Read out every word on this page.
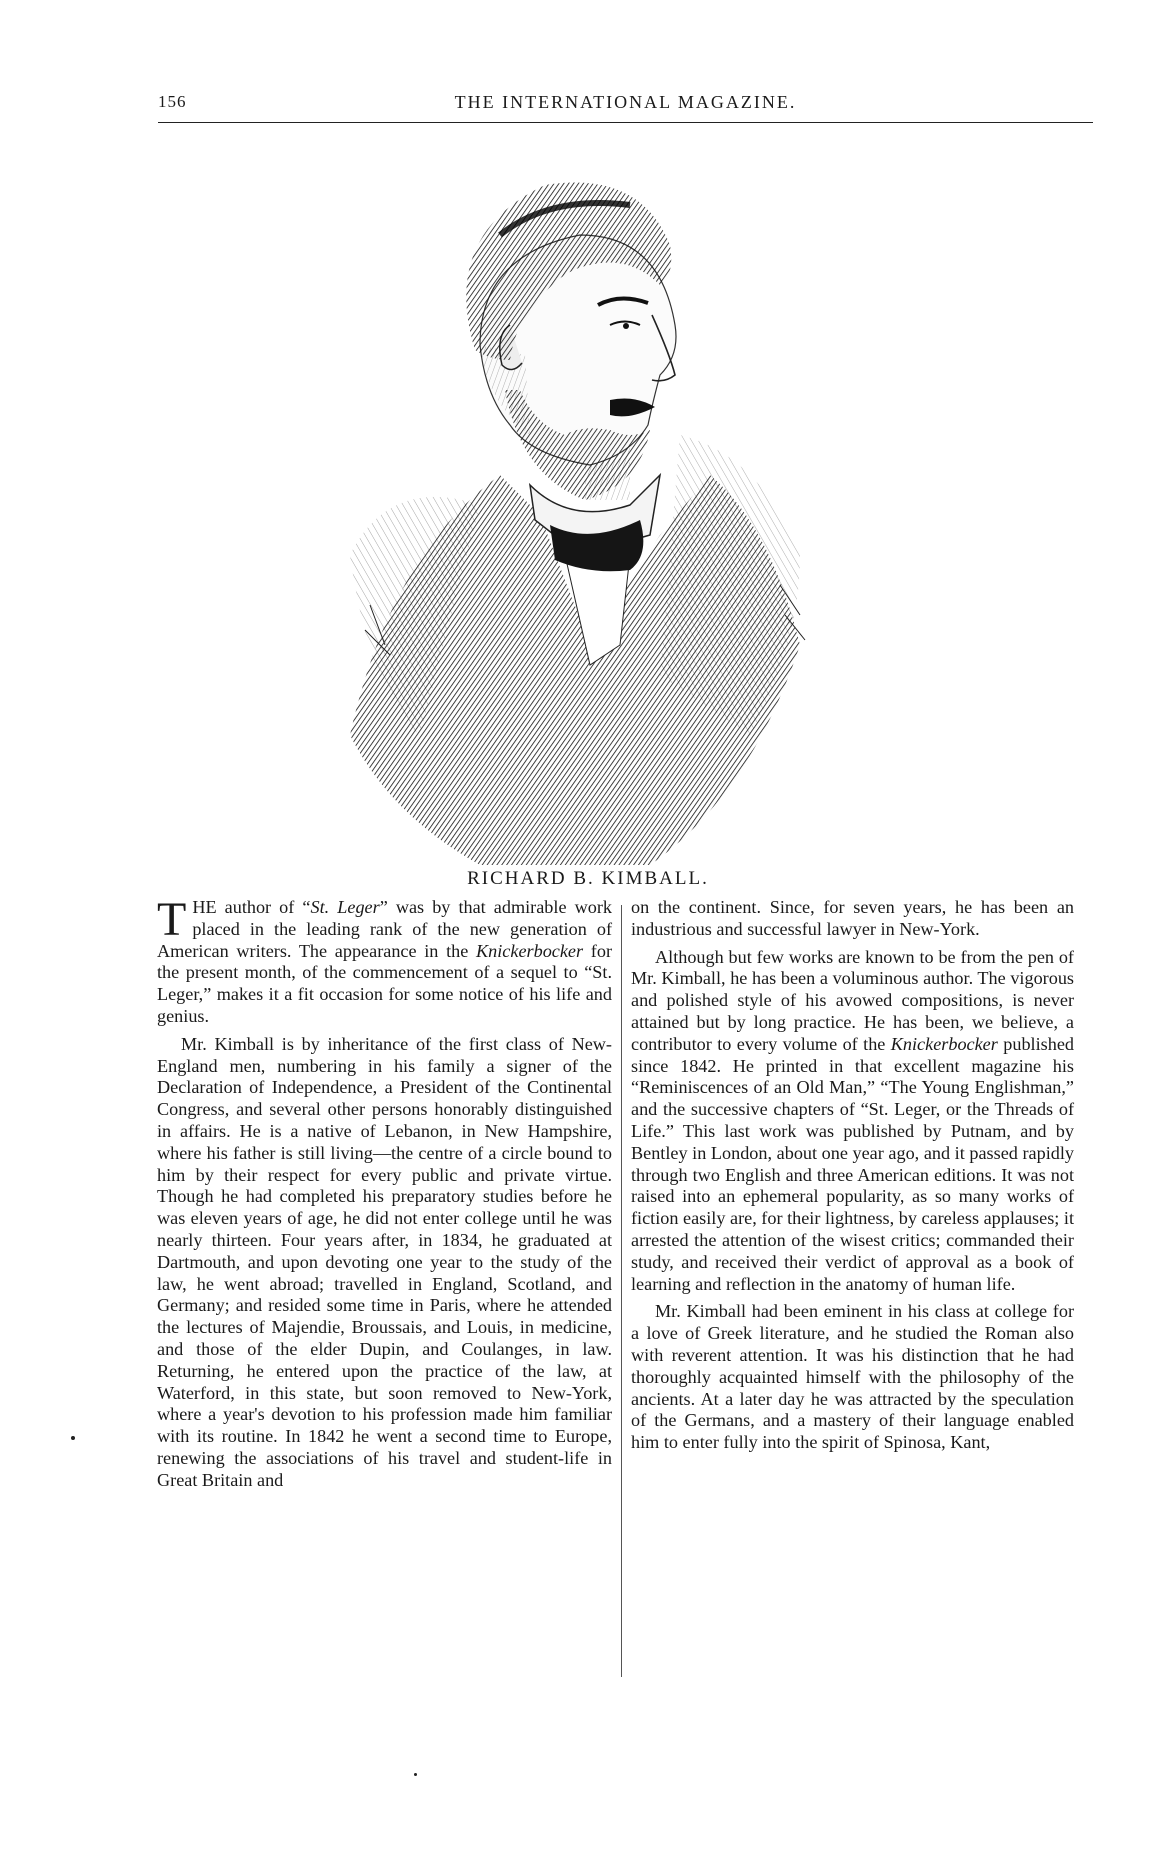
156	THE INTERNATIONAL MAGAZINE.
RICHARD B. KIMBALL.

THE author of “St. Leger” was by that admirable work placed in the leading rank of the new generation of American writers. The appearance in the Knickerbocker for the present month, of the commencement of a sequel to “St. Leger,” makes it a fit occasion for some notice of his life and genius.

Mr. Kimball is by inheritance of the first class of New-England men, numbering in his family a signer of the Declaration of Independence, a President of the Continental Congress, and several other persons honorably distinguished in affairs. He is a native of Lebanon, in New Hampshire, where his father is still living—the centre of a circle bound to him by their respect for every public and private virtue. Though he had completed his preparatory studies before he was eleven years of age, he did not enter college until he was nearly thirteen. Four years after, in 1834, he graduated at Dartmouth, and upon devoting one year to the study of the law, he went abroad; travelled in England, Scotland, and Germany; and resided some time in Paris, where he attended the lectures of Majendie, Broussais, and Louis, in medicine, and those of the elder Dupin, and Coulanges, in law. Returning, he entered upon the practice of the law, at Waterford, in this state, but soon removed to New-York, where a year's devotion to his profession made him familiar with its routine. In 1842 he went a second time to Europe, renewing the associations of his travel and student-life in Great Britain and

on the continent. Since, for seven years, he has been an industrious and successful lawyer in New-York.

Although but few works are known to be from the pen of Mr. Kimball, he has been a voluminous author. The vigorous and polished style of his avowed compositions, is never attained but by long practice. He has been, we believe, a contributor to every volume of the Knickerbocker published since 1842. He printed in that excellent magazine his “Reminiscences of an Old Man,” “The Young Englishman,” and the successive chapters of “St. Leger, or the Threads of Life.” This last work was published by Putnam, and by Bentley in London, about one year ago, and it passed rapidly through two English and three American editions. It was not raised into an ephemeral popularity, as so many works of fiction easily are, for their lightness, by careless applauses; it arrested the attention of the wisest critics; commanded their study, and received their verdict of approval as a book of learning and reflection in the anatomy of human life.

Mr. Kimball had been eminent in his class at college for a love of Greek literature, and he studied the Roman also with reverent attention. It was his distinction that he had thoroughly acquainted himself with the philosophy of the ancients. At a later day he was attracted by the speculation of the Germans, and a mastery of their language enabled him to enter fully into the spirit of Spinosa, Kant,
